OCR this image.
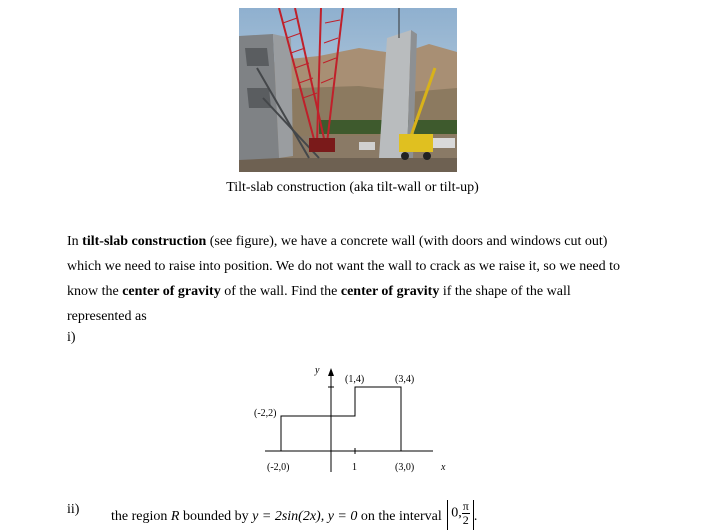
Tilt-slab construction (aka tilt-wall or tilt-up)
In tilt-slab construction (see figure), we have a concrete wall (with doors and windows cut out) which we need to raise into position. We do not want the wall to crack as we raise it, so we need to know the center of gravity of the wall. Find the center of gravity if the shape of the wall represented as
i)
y
x
(1,4)	(3,4)
(-2,2)
(-2,0)	1	(3,0)
ii) the region R bounded by y = 2sin(2x), y = 0 on the interval 0, $\frac{\pi}{2}$ .
